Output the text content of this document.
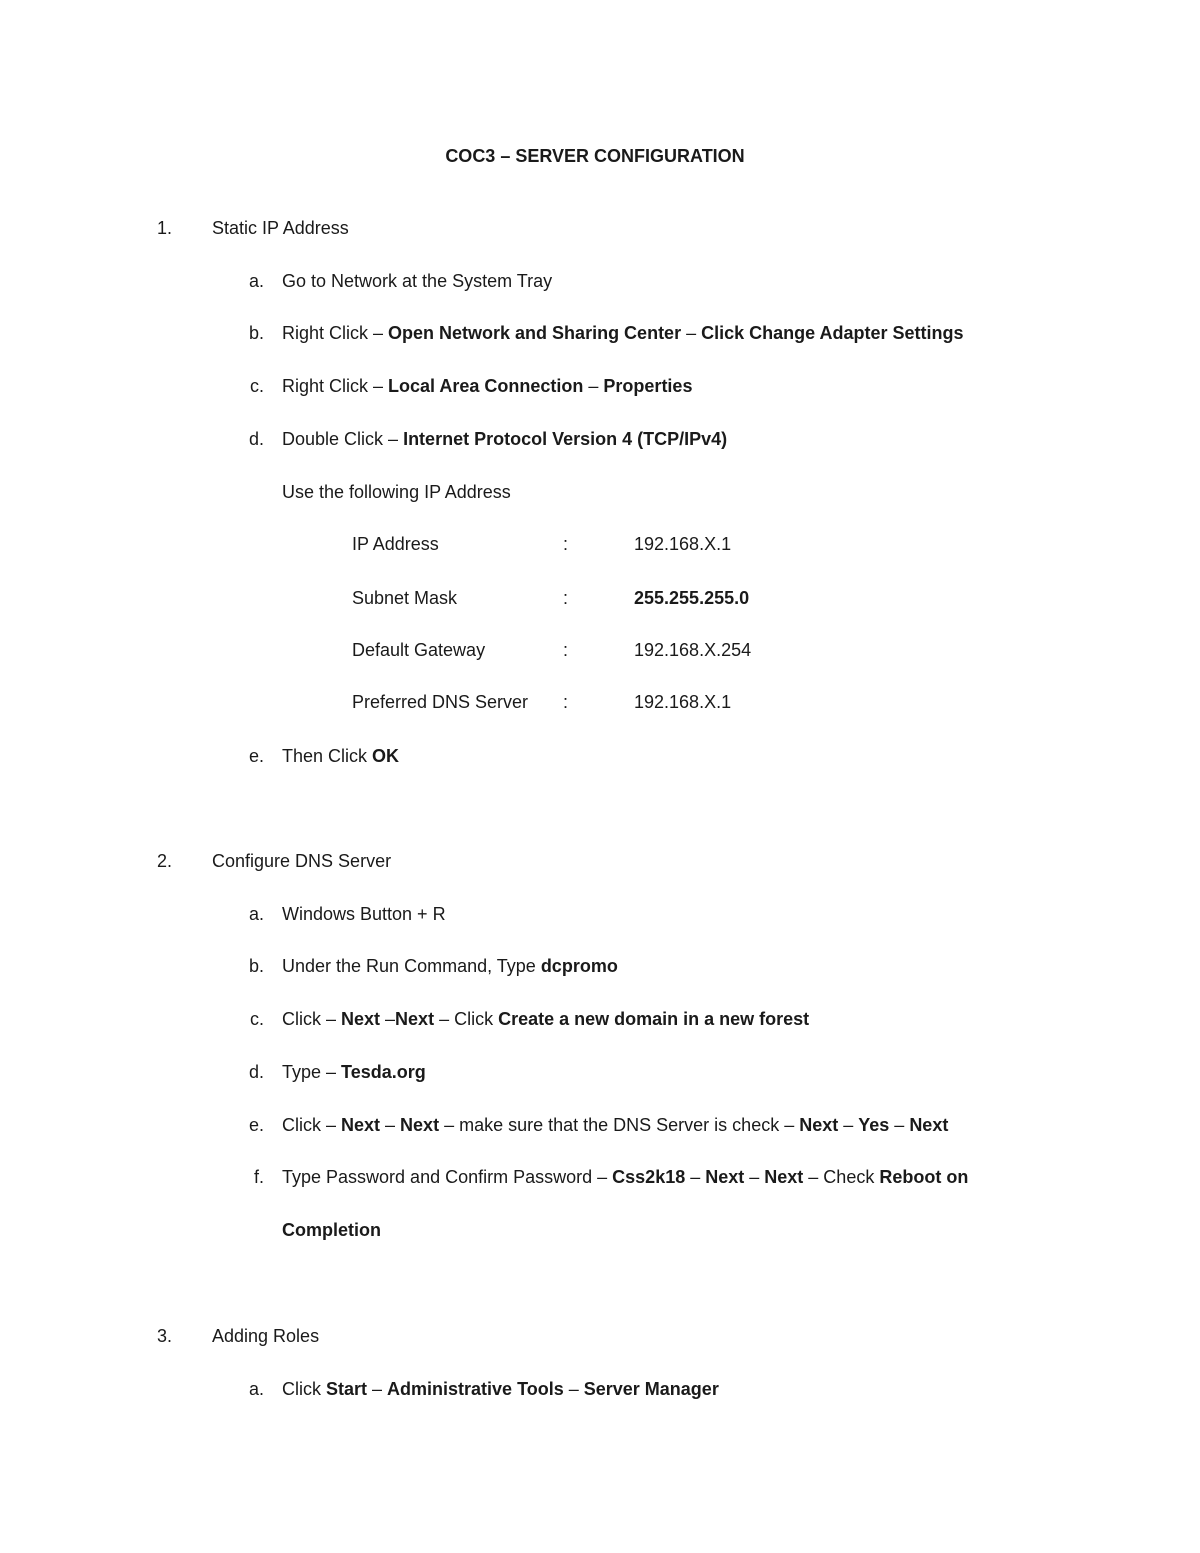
COC3 – SERVER CONFIGURATION
1. Static IP Address
a. Go to Network at the System Tray
b. Right Click – Open Network and Sharing Center – Click Change Adapter Settings
c. Right Click – Local Area Connection – Properties
d. Double Click – Internet Protocol Version 4 (TCP/IPv4)
Use the following IP Address
IP Address	:	192.168.X.1
Subnet Mask	:	255.255.255.0
Default Gateway	:	192.168.X.254
Preferred DNS Server :	192.168.X.1
e. Then Click OK
2. Configure DNS Server
a. Windows Button + R
b. Under the Run Command, Type dcpromo
c. Click – Next –Next – Click Create a new domain in a new forest
d. Type – Tesda.org
e. Click – Next – Next – make sure that the DNS Server is check – Next – Yes – Next
f. Type Password and Confirm Password – Css2k18 – Next – Next – Check Reboot on
Completion
3. Adding Roles
a. Click Start – Administrative Tools – Server Manager
